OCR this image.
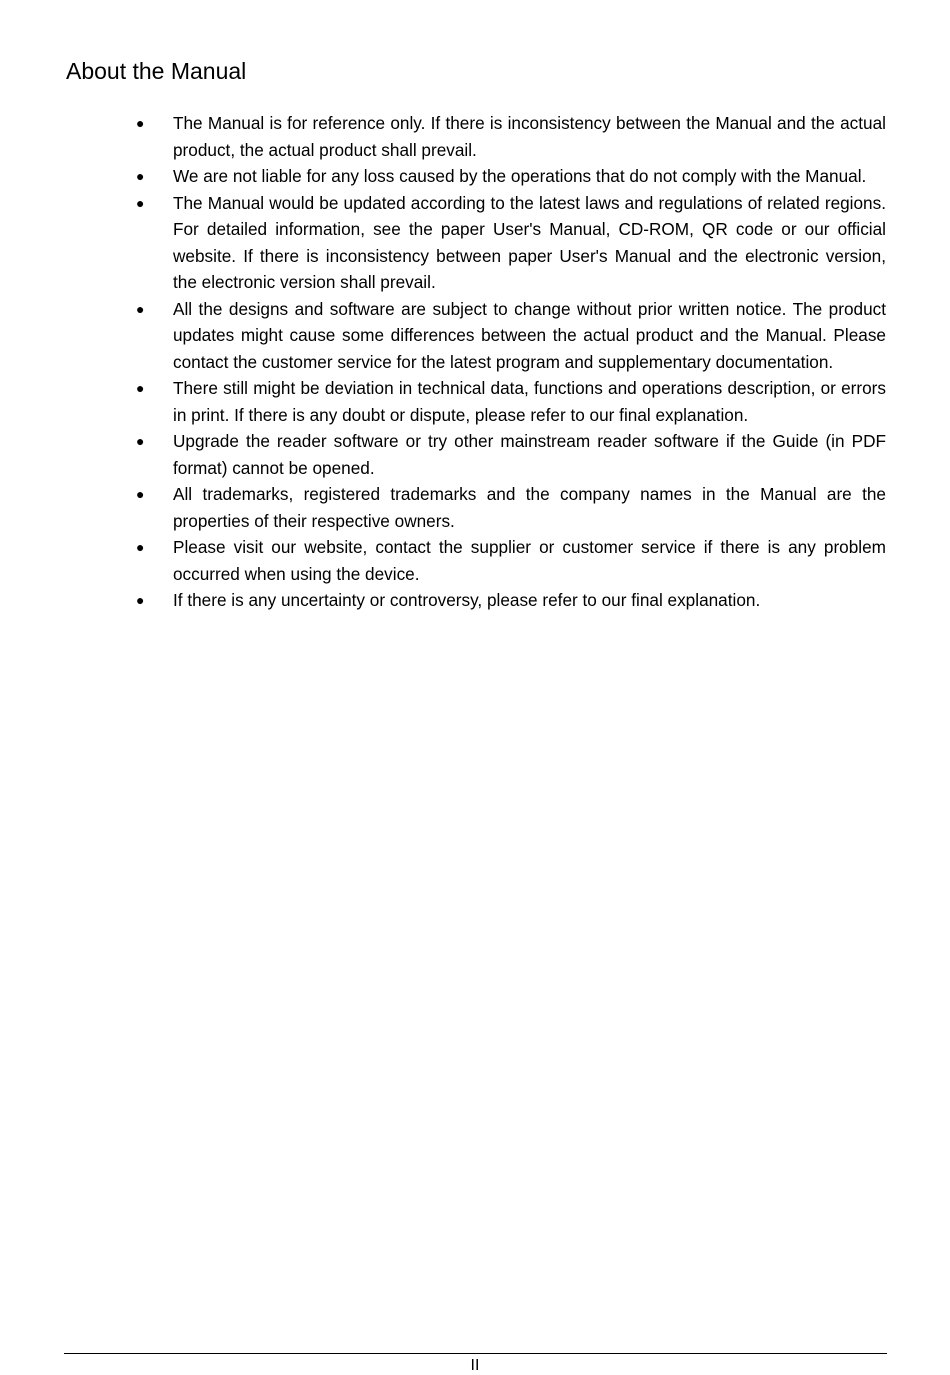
About the Manual
● The Manual is for reference only. If there is inconsistency between the Manual and the actual product, the actual product shall prevail.
● We are not liable for any loss caused by the operations that do not comply with the Manual.
● The Manual would be updated according to the latest laws and regulations of related regions. For detailed information, see the paper User's Manual, CD-ROM, QR code or our official website. If there is inconsistency between paper User's Manual and the electronic version, the electronic version shall prevail.
● All the designs and software are subject to change without prior written notice. The product updates might cause some differences between the actual product and the Manual. Please contact the customer service for the latest program and supplementary documentation.
● There still might be deviation in technical data, functions and operations description, or errors in print. If there is any doubt or dispute, please refer to our final explanation.
● Upgrade the reader software or try other mainstream reader software if the Guide (in PDF format) cannot be opened.
● All trademarks, registered trademarks and the company names in the Manual are the properties of their respective owners.
● Please visit our website, contact the supplier or customer service if there is any problem occurred when using the device.
● If there is any uncertainty or controversy, please refer to our final explanation.
II
